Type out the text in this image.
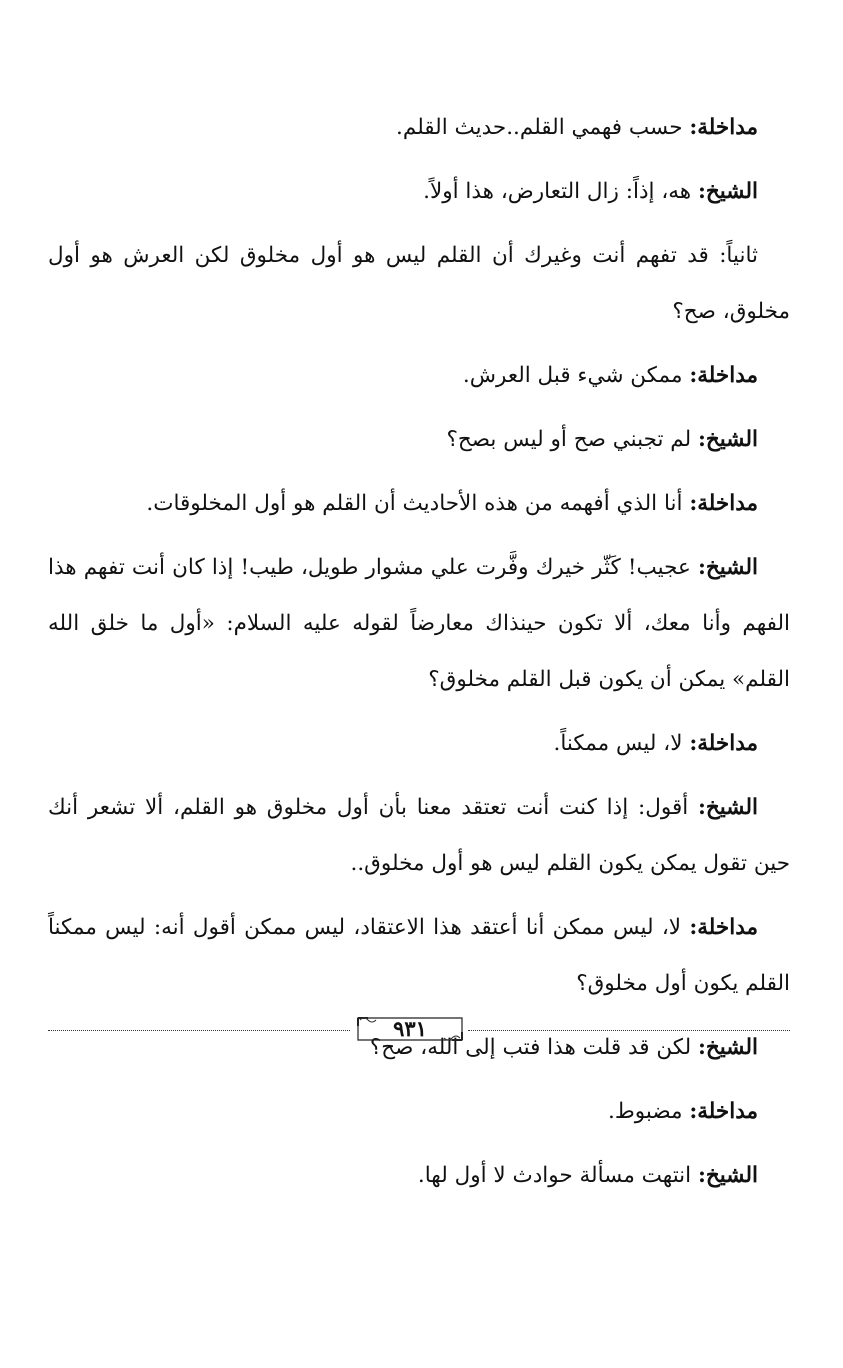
مداخلة: حسب فهمي القلم..حديث القلم.

الشيخ: هه، إذاً: زال التعارض، هذا أولاً.

ثانياً: قد تفهم أنت وغيرك أن القلم ليس هو أول مخلوق لكن العرش هو أول مخلوق، صح؟

مداخلة: ممكن شيء قبل العرش.

الشيخ: لم تجبني صح أو ليس بصح؟

مداخلة: أنا الذي أفهمه من هذه الأحاديث أن القلم هو أول المخلوقات.

الشيخ: عجيب! كَثّر خيرك وفَّرت علي مشوار طويل، طيب! إذا كان أنت تفهم هذا الفهم وأنا معك، ألا تكون حينذاك معارضاً لقوله عليه السلام: «أول ما خلق الله القلم» يمكن أن يكون قبل القلم مخلوق؟

مداخلة: لا، ليس ممكناً.

الشيخ: أقول: إذا كنت أنت تعتقد معنا بأن أول مخلوق هو القلم، ألا تشعر أنك حين تقول يمكن يكون القلم ليس هو أول مخلوق..

مداخلة: لا، ليس ممكن أنا أعتقد هذا الاعتقاد، ليس ممكن أقول أنه: ليس ممكناً القلم يكون أول مخلوق؟

الشيخ: لكن قد قلت هذا فتب إلى الله، صح؟

مداخلة: مضبوط.

الشيخ: انتهت مسألة حوادث لا أول لها.

٩٣١
